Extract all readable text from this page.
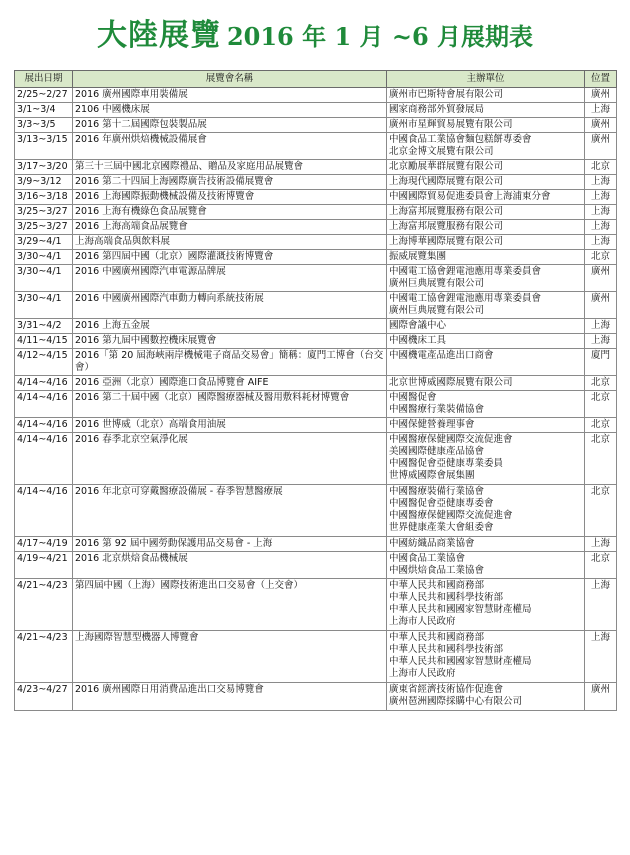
大陸展覽 2016 年 1 月 ~6 月展期表
展出日期	展覽會名稱	主辦單位	位置
2/25~2/27	2016 廣州國際車用裝備展	廣州市巴斯特會展有限公司	廣州
3/1~3/4	2106 中國機床展	國家商務部外貿發展局	上海
3/3~3/5	2016 第十二屆國際包裝製品展	廣州市星輝貿易展覽有限公司	廣州
3/13~3/15	2016 年廣州烘焙機械設備展會	中國食品工業協會麵包糕餅專委會
北京金博文展覽有限公司	廣州
3/17~3/20	第三十三屆中國北京國際禮品、贈品及家庭用品展覽會	北京勵展華群展覽有限公司	北京
3/9~3/12	2016 第二十四屆上海國際廣告技術設備展覽會	上海現代國際展覽有限公司	上海
3/16~3/18	2016 上海國際振動機械設備及技術博覽會	中國國際貿易促進委員會上海浦東分會	上海
3/25~3/27	2016 上海有機綠色食品展覽會	上海富邦展覽服務有限公司	上海
3/25~3/27	2016 上海高端食品展覽會	上海富邦展覽服務有限公司	上海
3/29~4/1	上海高端食品與飲料展	上海博華國際展覽有限公司	上海
3/30~4/1	2016 第四屆中國（北京）國際灌溉技術博覽會	振威展覽集團	北京
3/30~4/1	2016 中國廣州國際汽車電源品牌展	中國電工協會鋰電池應用專業委員會
廣州巨典展覽有限公司	廣州
3/30~4/1	2016 中國廣州國際汽車動力轉向系統技術展	中國電工協會鋰電池應用專業委員會
廣州巨典展覽有限公司	廣州
3/31~4/2	2016 上海五金展	國際會議中心	上海
4/11~4/15	2016 第九屆中國數控機床展覽會	中國機床工具	上海
4/12~4/15	2016「第 20 屆海峽兩岸機械電子商品交易會」簡稱：廈門工博會（台交會）	中國機電產品進出口商會	廈門
4/14~4/16	2016 亞洲（北京）國際進口食品博覽會 AIFE	北京世博威國際展覽有限公司	北京
4/14~4/16	2016 第二十屆中國（北京）國際醫療器械及醫用敷料耗材博覽會	中國醫促會
中國醫療行業裝備協會	北京
4/14~4/16	2016 世博威（北京）高端食用油展	中國保健營養理事會	北京
4/14~4/16	2016 春季北京空氣淨化展	中國醫療保健國際交流促進會
美國國際健康產品協會
中國醫促會亞健康專業委員
世博威國際會展集團	北京
4/14~4/16	2016 年北京可穿戴醫療設備展 - 春季智慧醫療展	中國醫療裝備行業協會
中國醫促會亞健康專委會
中國醫療保健國際交流促進會
世界健康產業大會組委會	北京
4/17~4/19	2016 第 92 屆中國勞動保護用品交易會 - 上海	中國紡織品商業協會	上海
4/19~4/21	2016 北京烘焙食品機械展	中國食品工業協會
中國烘焙食品工業協會	北京
4/21~4/23	第四屆中國（上海）國際技術進出口交易會（上交會）	中華人民共和國商務部
中華人民共和國科學技術部
中華人民共和國國家智慧財產權局
上海市人民政府	上海
4/21~4/23	上海國際智慧型機器人博覽會	中華人民共和國商務部
中華人民共和國科學技術部
中華人民共和國國家智慧財產權局
上海市人民政府	上海
4/23~4/27	2016 廣州國際日用消費品進出口交易博覽會	廣東省經濟技術協作促進會
廣州琶洲國際採購中心有限公司	廣州
